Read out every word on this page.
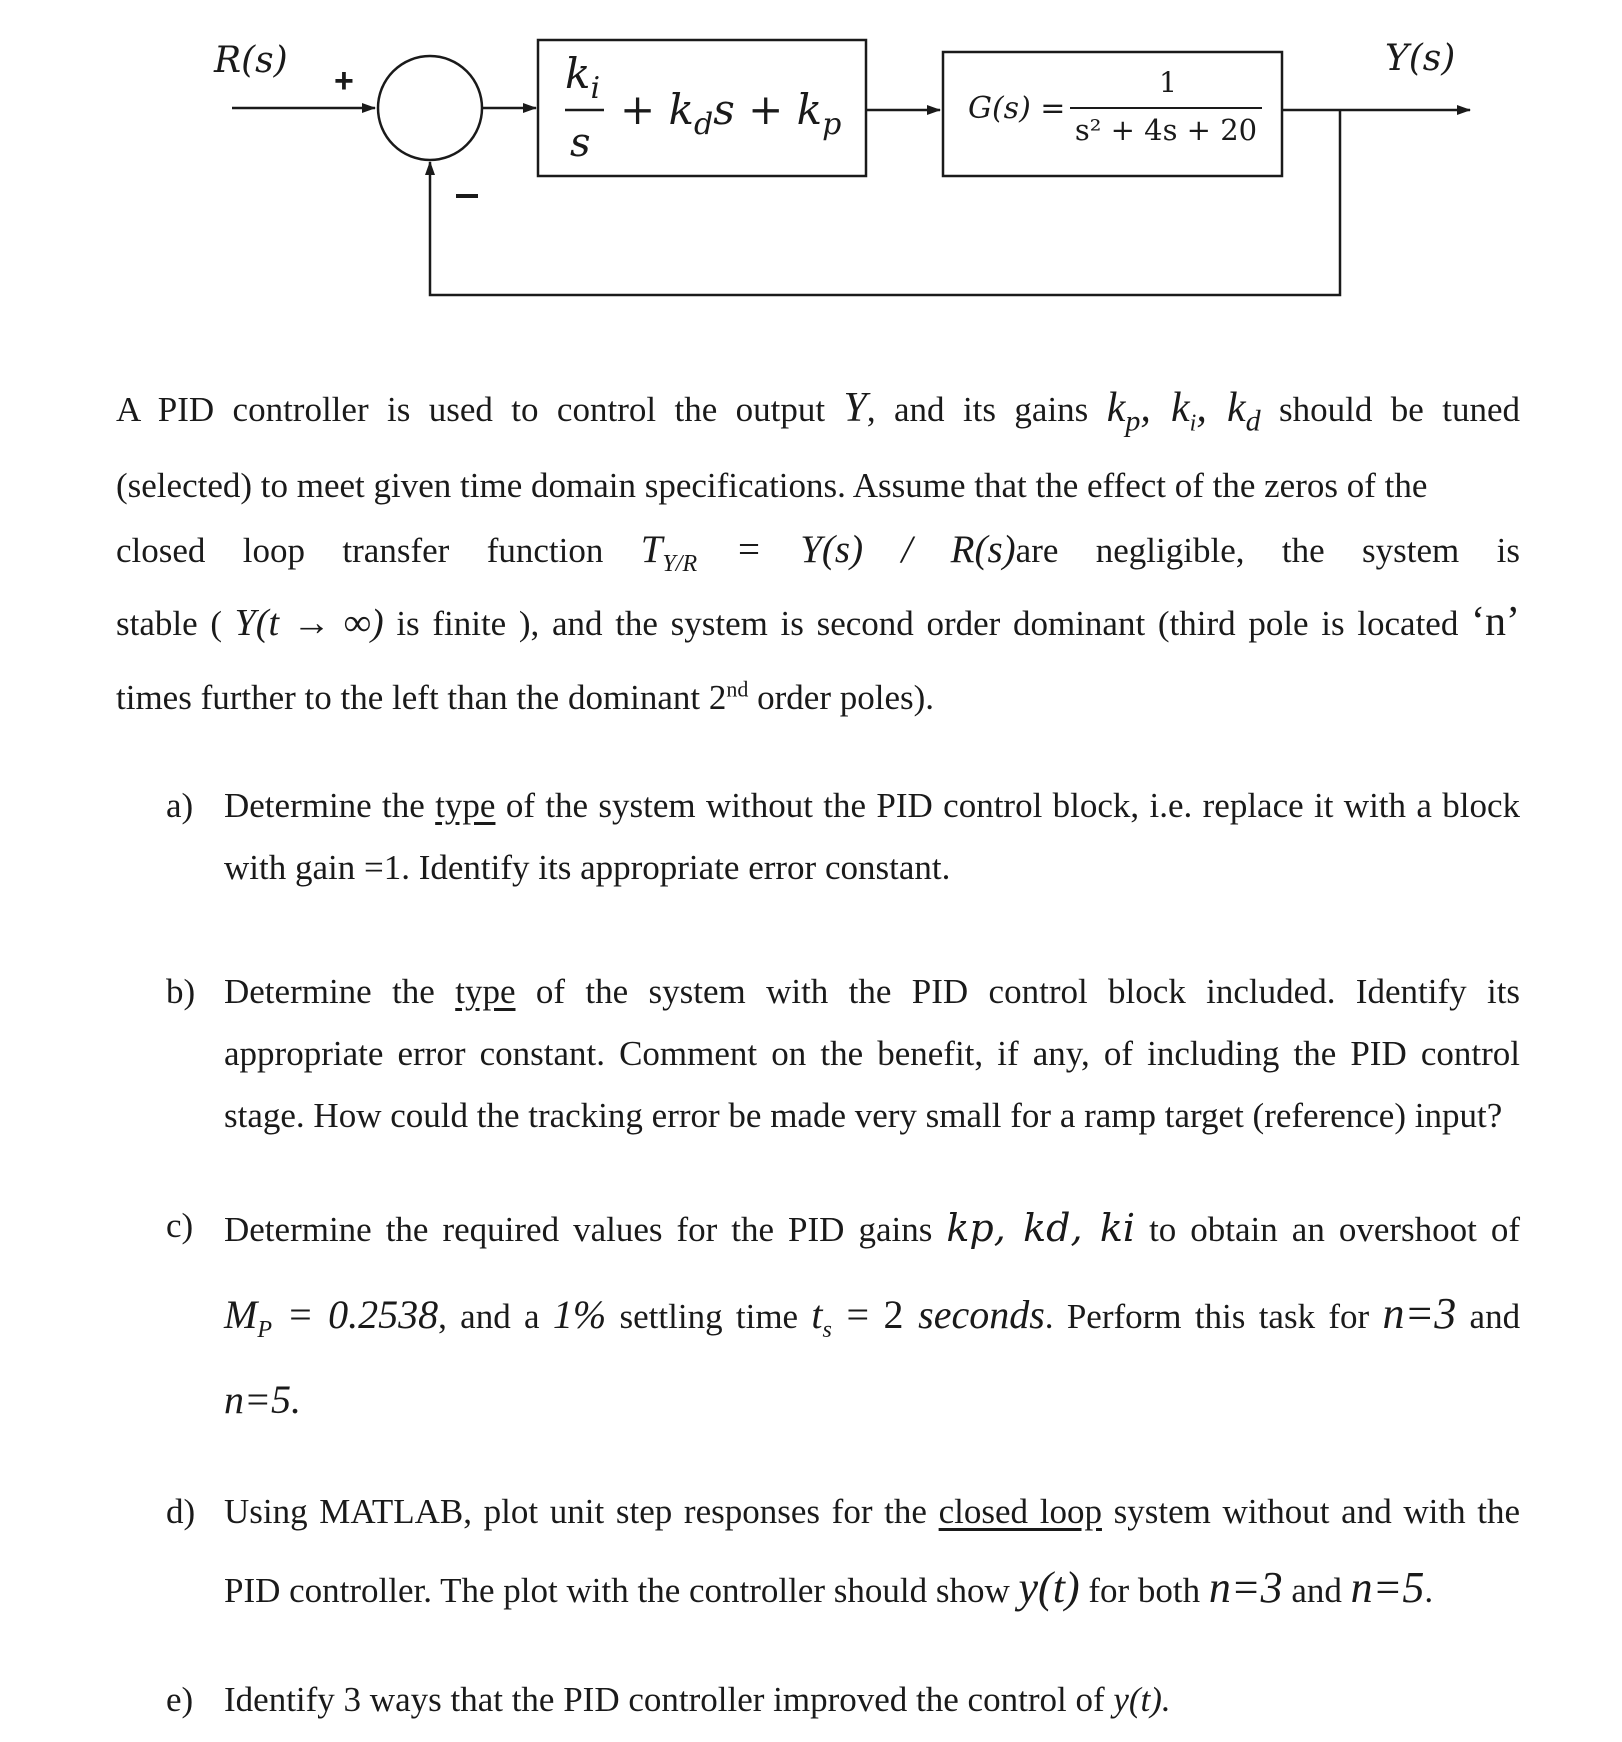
R(s) +	$k_i$
s
+ $k_ds + k_p$	G(s) =
1
s² + 4s + 20
Y(s)
A PID controller is used to control the output Y, and its gains $k_p$, $k_i$, $k_d$ should be tuned
(selected) to meet given time domain specifications. Assume that the effect of the zeros of the
closed loop transfer function $T_{Y/R} = Y(s) / R(s)are$ negligible, the system is
stable ( Y(t → ∞) is finite ), and the system is second order dominant (third pole is located ‘n’
times further to the left than the dominant 2nd order poles).
a) Determine the type of the system without the PID control block, i.e. replace it with a block
with gain =1. Identify its appropriate error constant.
b) Determine the type of the system with the PID control block included. Identify its
appropriate error constant. Comment on the benefit, if any, of including the PID control
stage. How could the tracking error be made very small for a ramp target (reference) input?
c) Determine the required values for the PID gains kp, kd, ki to obtain an overshoot of
$M_P = 0.2538$, and a 1% settling time $t_s = 2$ seconds. Perform this task for n=3 and
n=5.
d) Using MATLAB, plot unit step responses for the closed loop system without and with the
PID controller. The plot with the controller should show y(t) for both n=3 and n=5.
e) Identify 3 ways that the PID controller improved the control of y(t).
